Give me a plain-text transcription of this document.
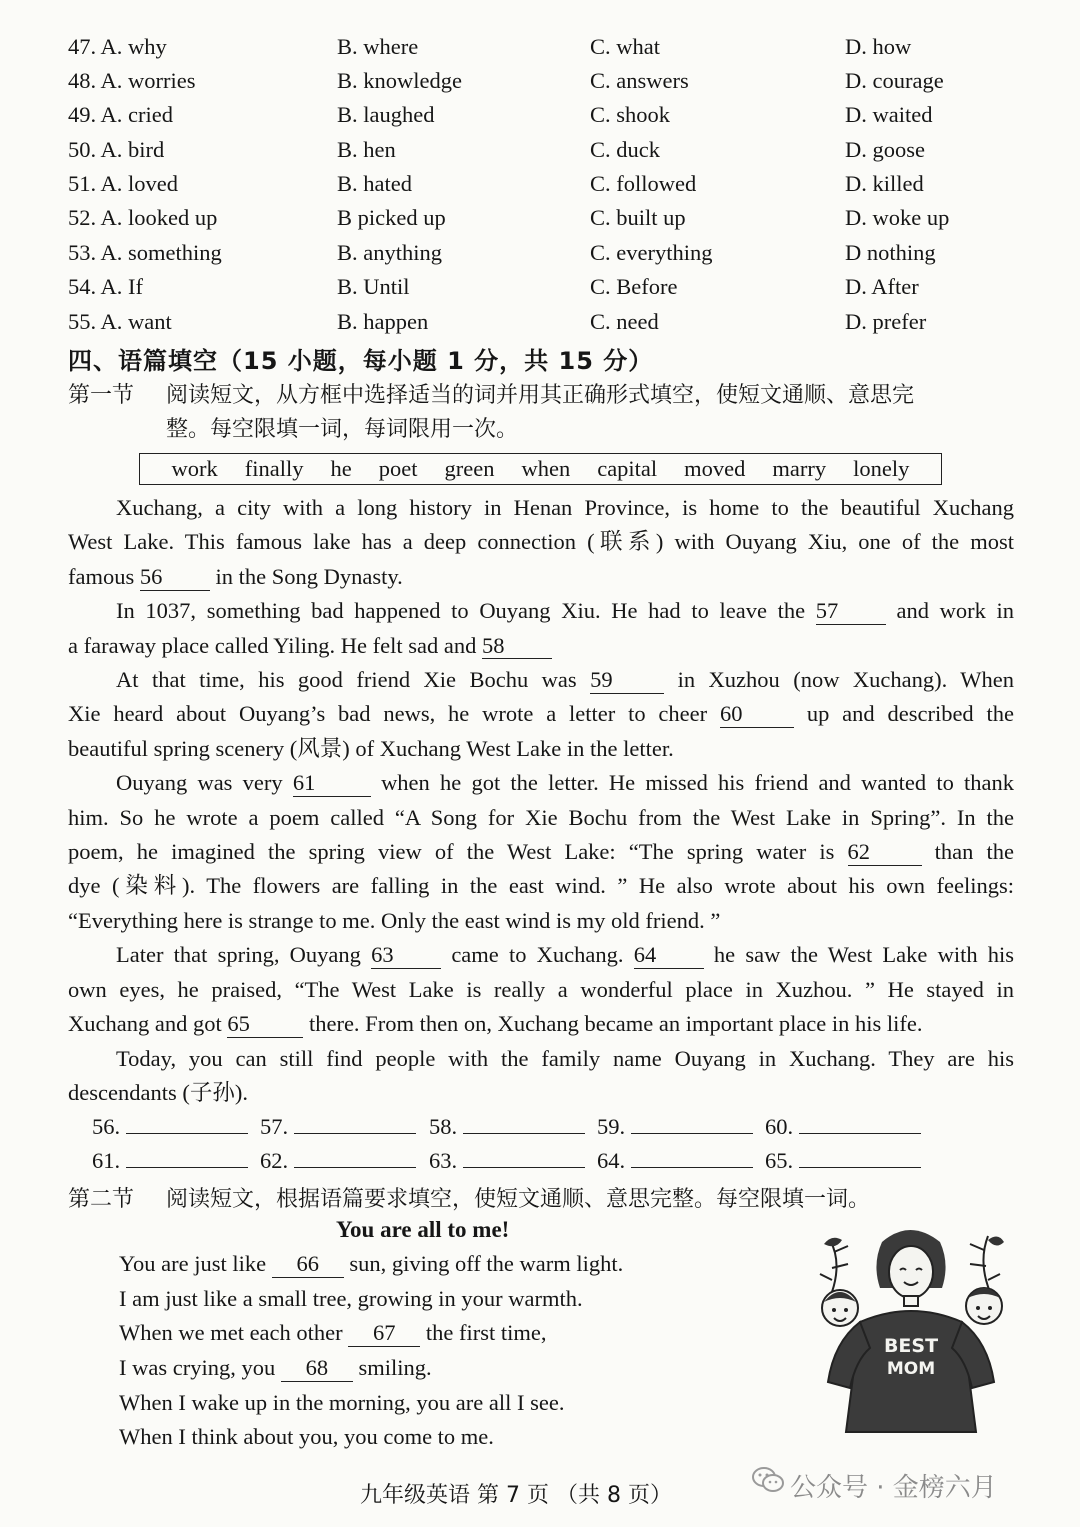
47. A. why	B. where	C. what	D. how
48. A. worries	B. knowledge	C. answers	D. courage
49. A. cried	B. laughed	C. shook	D. waited
50. A. bird	B. hen	C. duck	D. goose
51. A. loved	B. hated	C. followed	D. killed
52. A. looked up	B picked up	C. built up	D. woke up
53. A. something	B. anything	C. everything	D nothing
54. A. If	B. Until	C. Before	D. After
55. A. want	B. happen	C. need	D. prefer
四、语篇填空（15 小题，每小题 1 分，共 15 分）
第一节 阅读短文，从方框中选择适当的词并用其正确形式填空，使短文通顺、意思完
整。每空限填一词，每词限用一次。
work finally he poet green when capital moved marry lonely
Xuchang, a city with a long history in Henan Province, is home to the beautiful Xuchang
West Lake. This famous lake has a deep connection (联系) with Ouyang Xiu, one of the most
famous 56 in the Song Dynasty.
In 1037, something bad happened to Ouyang Xiu. He had to leave the 57	and work in
a faraway place called Yiling. He felt sad and 58
At that time, his good friend Xie Bochu was 59	in Xuzhou (now Xuchang). When
Xie heard about Ouyang’s bad news, he wrote a letter to cheer 60	up and described the
beautiful spring scenery (风景) of Xuchang West Lake in the letter.
Ouyang was very 61	when he got the letter. He missed his friend and wanted to thank
him. So he wrote a poem called “A Song for Xie Bochu from the West Lake in Spring”. In the
poem, he imagined the spring view of the West Lake: “The spring water is 62	than the
dye (染料). The flowers are falling in the east wind. ” He also wrote about his own feelings:
“Everything here is strange to me. Only the east wind is my old friend. ”
Later that spring, Ouyang 63	came to Xuchang. 64	he saw the West Lake with his
own eyes, he praised, “The West Lake is really a wonderful place in Xuzhou. ” He stayed in
Xuchang and got 65	there. From then on, Xuchang became an important place in his life.
Today, you can still find people with the family name Ouyang in Xuchang. They are his
descendants (子孙).
56.	57.	58.	59.	60.
61.	62.	63.	64.	65.
第二节 阅读短文，根据语篇要求填空，使短文通顺、意思完整。每空限填一词。
You are all to me!
You are just like 66 sun, giving off the warm light.
I am just like a small tree, growing in your warmth.
When we met each other 67 the first time,
I was crying, you 68 smiling.
When I wake up in the morning, you are all I see.
When I think about you, you come to me.
BEST
MOM
九年级英语 第 7 页 （共 8 页）	公众号 · 金榜六月
